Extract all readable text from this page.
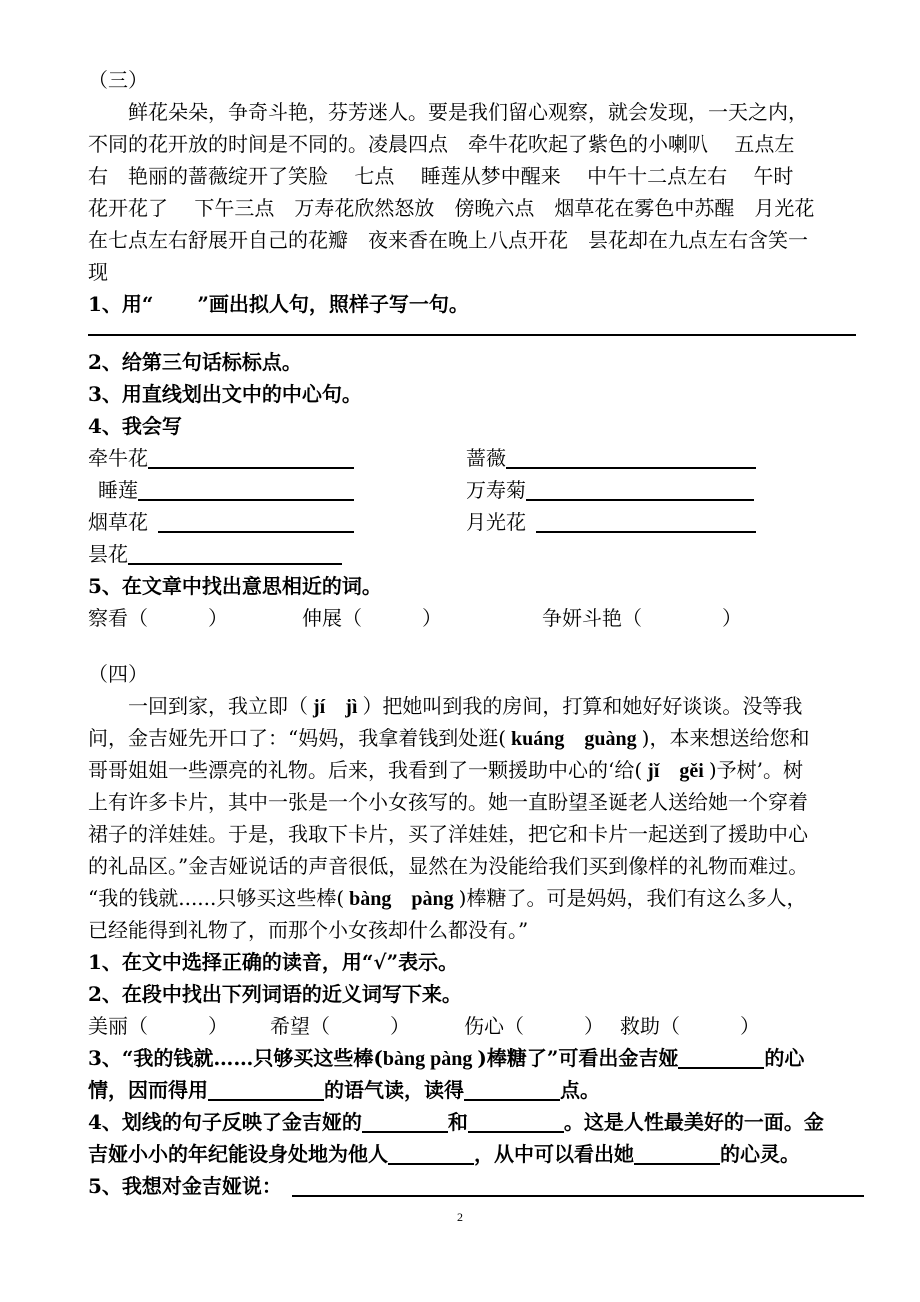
（三）
鲜花朵朵，争奇斗艳，芬芳迷人。要是我们留心观察，就会发现，一天之内，
不同的花开放的时间是不同的。凌晨四点　牵牛花吹起了紫色的小喇叭　 五点左
右　艳丽的蔷薇绽开了笑脸　 七点　 睡莲从梦中醒来　 中午十二点左右　 午时
花开花了　 下午三点　万寿花欣然怒放　傍晚六点　烟草花在雾色中苏醒　月光花
在七点左右舒展开自己的花瓣　夜来香在晚上八点开花　昙花却在九点左右含笑一
现
1、用“ ”画出拟人句，照样子写一句。
2、给第三句话标标点。
3、用直线划出文中的中心句。
4、我会写
牵牛花	蔷薇
睡莲	万寿菊
烟草花	月光花
昙花
5、在文章中找出意思相近的词。
察看（　　　）	伸展（　　　）	争妍斗艳（　　　　）
（四）
一回到家，我立即（ jí　jì ）把她叫到我的房间，打算和她好好谈谈。没等我
问，金吉娅先开口了：“妈妈，我拿着钱到处逛( kuáng　guàng )，本来想送给您和
哥哥姐姐一些漂亮的礼物。后来，我看到了一颗援助中心的‘给( jǐ　gěi )予树’。树
上有许多卡片，其中一张是一个小女孩写的。她一直盼望圣诞老人送给她一个穿着
裙子的洋娃娃。于是，我取下卡片，买了洋娃娃，把它和卡片一起送到了援助中心
的礼品区。”金吉娅说话的声音很低，显然在为没能给我们买到像样的礼物而难过。
“我的钱就......只够买这些棒( bàng　pàng )棒糖了。可是妈妈，我们有这么多人，
已经能得到礼物了，而那个小女孩却什么都没有。”
1、在文中选择正确的读音，用“√”表示。
2、在段中找出下列词语的近义词写下来。
美丽（　　　） 希望（　　　）	伤心（　　　） 救助（　　　）
3、“我的钱就……只够买这些棒(bàng pàng )棒糖了”可看出金吉娅	的心
情，因而得用	的语气读，读得	点。
4、划线的句子反映了金吉娅的	和	。这是人性最美好的一面。金
吉娅小小的年纪能设身处地为他人	，从中可以看出她	的心灵。
5、我想对金吉娅说：
2
